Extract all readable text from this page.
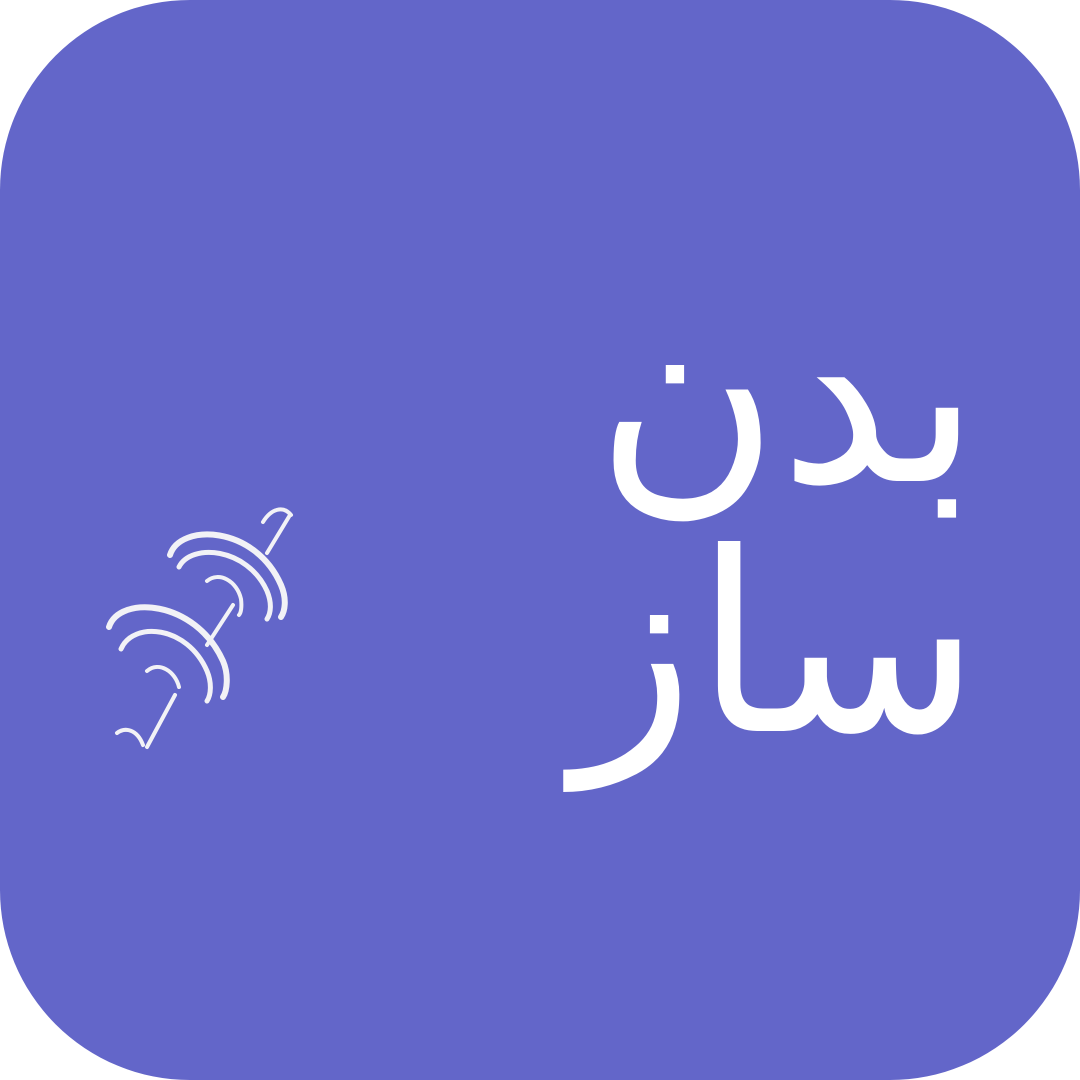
بدن ساز
